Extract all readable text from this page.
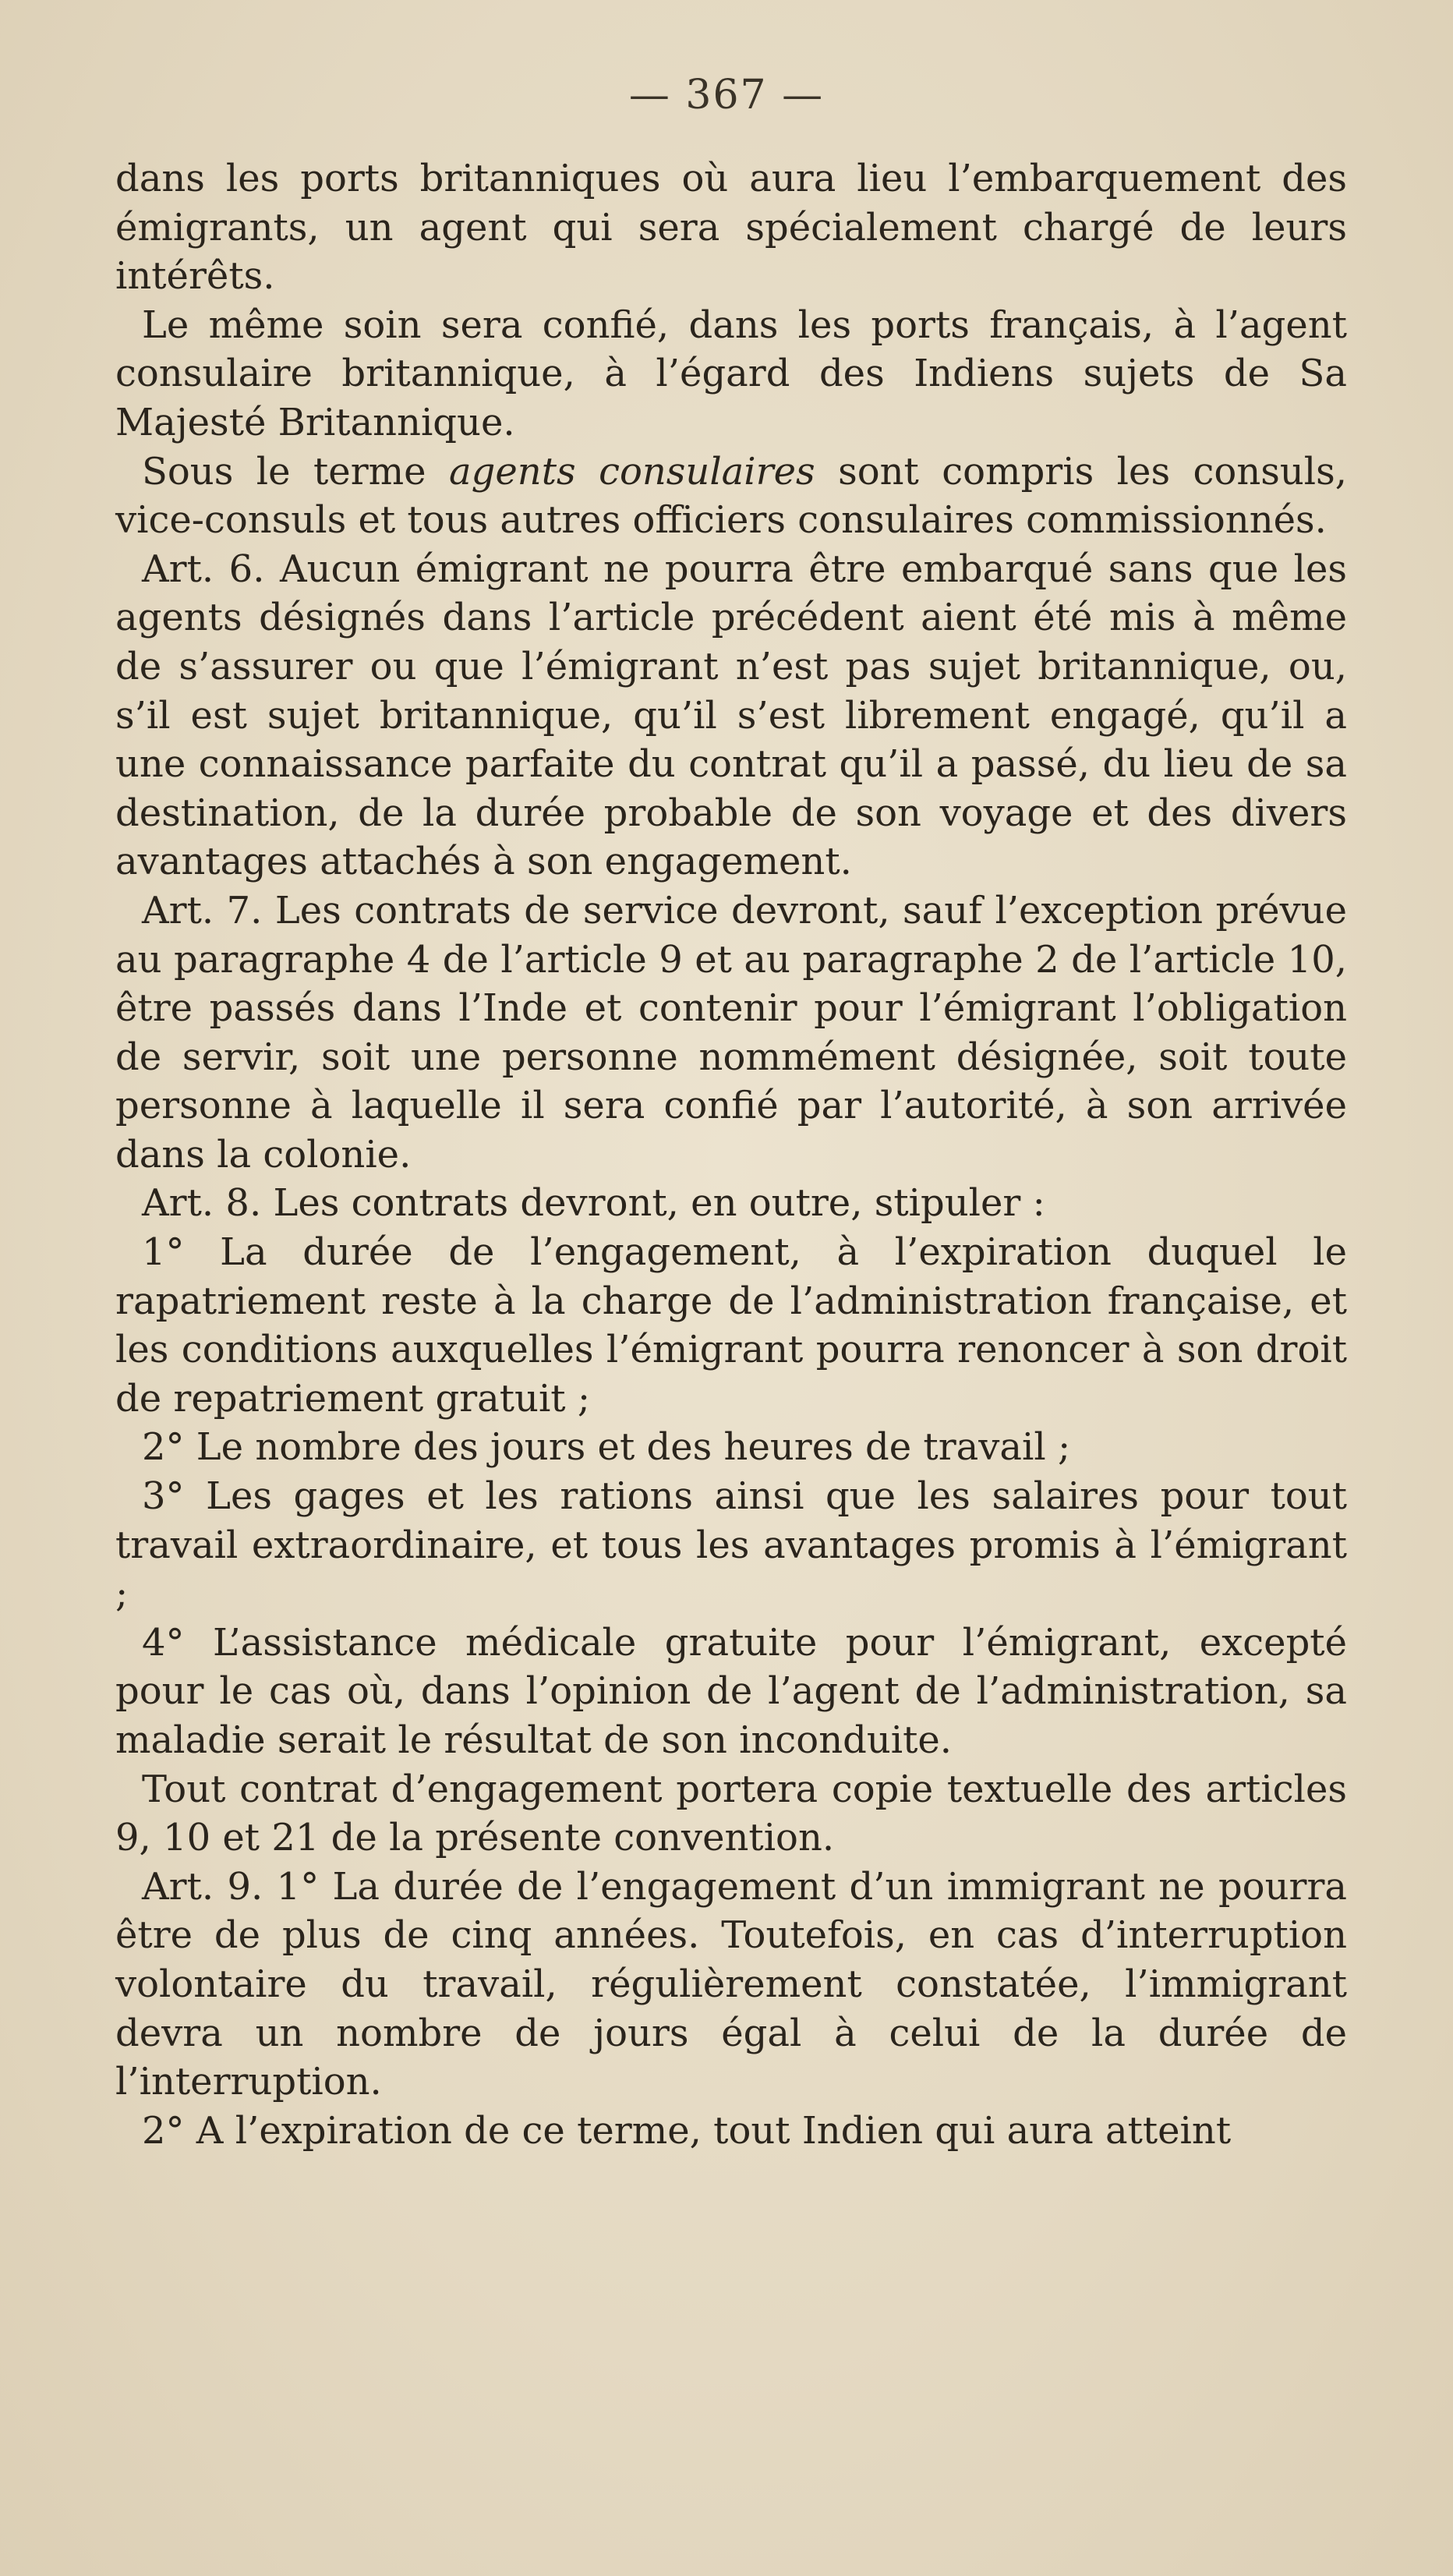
— 367 —

dans les ports britanniques où aura lieu l’embarquement des émigrants, un agent qui sera spécialement chargé de leurs intérêts.

Le même soin sera confié, dans les ports français, à l’agent consulaire britannique, à l’égard des Indiens sujets de Sa Majesté Britannique.

Sous le terme agents consulaires sont compris les consuls, vice-consuls et tous autres officiers consulaires commissionnés.

Art. 6. Aucun émigrant ne pourra être embarqué sans que les agents désignés dans l’article précédent aient été mis à même de s’assurer ou que l’émigrant n’est pas sujet britannique, ou, s’il est sujet britannique, qu’il s’est librement engagé, qu’il a une connaissance parfaite du contrat qu’il a passé, du lieu de sa destination, de la durée probable de son voyage et des divers avantages attachés à son engagement.

Art. 7. Les contrats de service devront, sauf l’exception prévue au paragraphe 4 de l’article 9 et au paragraphe 2 de l’article 10, être passés dans l’Inde et contenir pour l’émigrant l’obligation de servir, soit une personne nommément désignée, soit toute personne à laquelle il sera confié par l’autorité, à son arrivée dans la colonie.

Art. 8. Les contrats devront, en outre, stipuler :

1° La durée de l’engagement, à l’expiration duquel le rapatriement reste à la charge de l’administration française, et les conditions auxquelles l’émigrant pourra renoncer à son droit de repatriement gratuit ;

2° Le nombre des jours et des heures de travail ;

3° Les gages et les rations ainsi que les salaires pour tout travail extraordinaire, et tous les avantages promis à l’émigrant ;

4° L’assistance médicale gratuite pour l’émigrant, excepté pour le cas où, dans l’opinion de l’agent de l’administration, sa maladie serait le résultat de son inconduite.

Tout contrat d’engagement portera copie textuelle des articles 9, 10 et 21 de la présente convention.

Art. 9. 1° La durée de l’engagement d’un immigrant ne pourra être de plus de cinq années. Toutefois, en cas d’interruption volontaire du travail, régulièrement constatée, l’immigrant devra un nombre de jours égal à celui de la durée de l’interruption.

2° A l’expiration de ce terme, tout Indien qui aura atteint
